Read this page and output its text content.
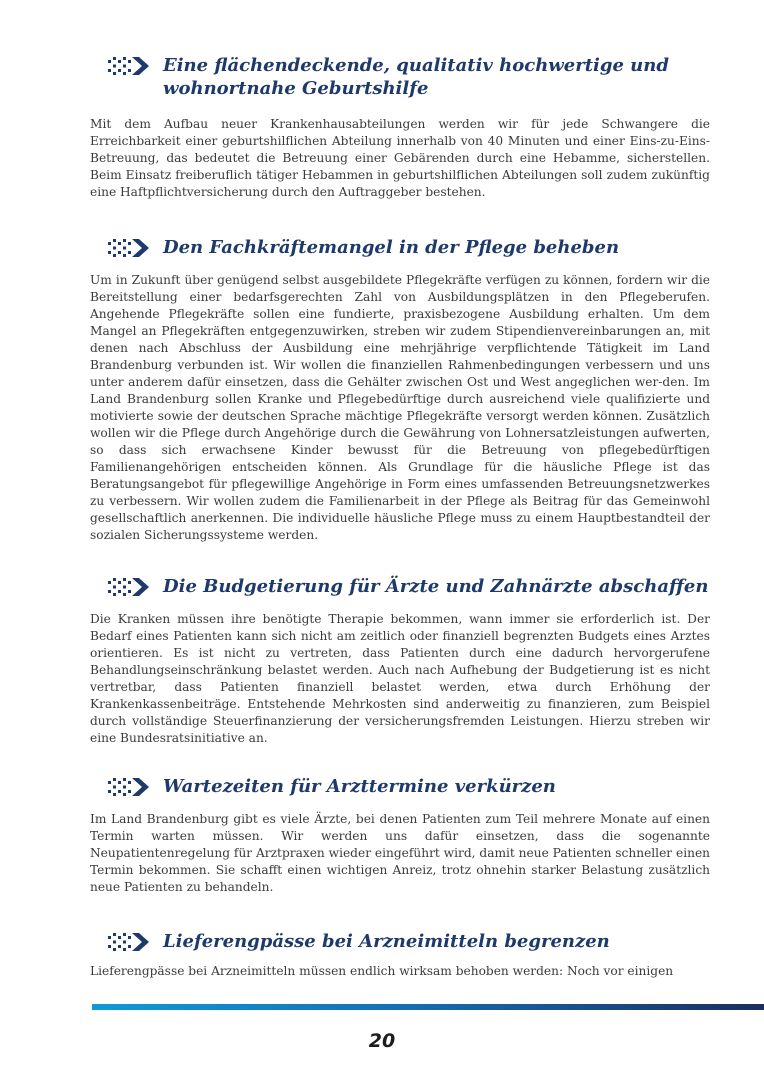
Eine flächendeckende, qualitativ hochwertige und wohnortnahe Geburtshilfe

Mit dem Aufbau neuer Krankenhausabteilungen werden wir für jede Schwangere die Erreichbarkeit einer geburtshilflichen Abteilung innerhalb von 40 Minuten und einer Eins-zu-Eins-Betreuung, das bedeutet die Betreuung einer Gebärenden durch eine Hebamme, sicherstellen. Beim Einsatz freiberuflich tätiger Hebammen in geburtshilflichen Abteilungen soll zudem zukünftig eine Haftpflichtversicherung durch den Auftraggeber bestehen.

Den Fachkräftemangel in der Pflege beheben

Um in Zukunft über genügend selbst ausgebildete Pflegekräfte verfügen zu können, fordern wir die Bereitstellung einer bedarfsgerechten Zahl von Ausbildungsplätzen in den Pflegeberufen. Angehende Pflegekräfte sollen eine fundierte, praxisbezogene Ausbildung erhalten. Um dem Mangel an Pflegekräften entgegenzuwirken, streben wir zudem Stipendienvereinbarungen an, mit denen nach Abschluss der Ausbildung eine mehrjährige verpflichtende Tätigkeit im Land Brandenburg verbunden ist. Wir wollen die finanziellen Rahmenbedingungen verbessern und uns unter anderem dafür einsetzen, dass die Gehälter zwischen Ost und West angeglichen wer-den. Im Land Brandenburg sollen Kranke und Pflegebedürftige durch ausreichend viele qualifizierte und motivierte sowie der deutschen Sprache mächtige Pflegekräfte versorgt werden können. Zusätzlich wollen wir die Pflege durch Angehörige durch die Gewährung von Lohnersatzleistungen aufwerten, so dass sich erwachsene Kinder bewusst für die Betreuung von pflegebedürftigen Familienangehörigen entscheiden können. Als Grundlage für die häusliche Pflege ist das Beratungsangebot für pflegewillige Angehörige in Form eines umfassenden Betreuungsnetzwerkes zu verbessern. Wir wollen zudem die Familienarbeit in der Pflege als Beitrag für das Gemeinwohl gesellschaftlich anerkennen. Die individuelle häusliche Pflege muss zu einem Hauptbestandteil der sozialen Sicherungssysteme werden.

Die Budgetierung für Ärzte und Zahnärzte abschaffen

Die Kranken müssen ihre benötigte Therapie bekommen, wann immer sie erforderlich ist. Der Bedarf eines Patienten kann sich nicht am zeitlich oder finanziell begrenzten Budgets eines Arztes orientieren. Es ist nicht zu vertreten, dass Patienten durch eine dadurch hervorgerufene Behandlungseinschränkung belastet werden. Auch nach Aufhebung der Budgetierung ist es nicht vertretbar, dass Patienten finanziell belastet werden, etwa durch Erhöhung der Krankenkassenbeiträge. Entstehende Mehrkosten sind anderweitig zu finanzieren, zum Beispiel durch vollständige Steuerfinanzierung der versicherungsfremden Leistungen. Hierzu streben wir eine Bundesratsinitiative an.

Wartezeiten für Arzttermine verkürzen

Im Land Brandenburg gibt es viele Ärzte, bei denen Patienten zum Teil mehrere Monate auf einen Termin warten müssen. Wir werden uns dafür einsetzen, dass die sogenannte Neupatientenregelung für Arztpraxen wieder eingeführt wird, damit neue Patienten schneller einen Termin bekommen. Sie schafft einen wichtigen Anreiz, trotz ohnehin starker Belastung zusätzlich neue Patienten zu behandeln.

Lieferengpässe bei Arzneimitteln begrenzen

Lieferengpässe bei Arzneimitteln müssen endlich wirksam behoben werden: Noch vor einigen

20
